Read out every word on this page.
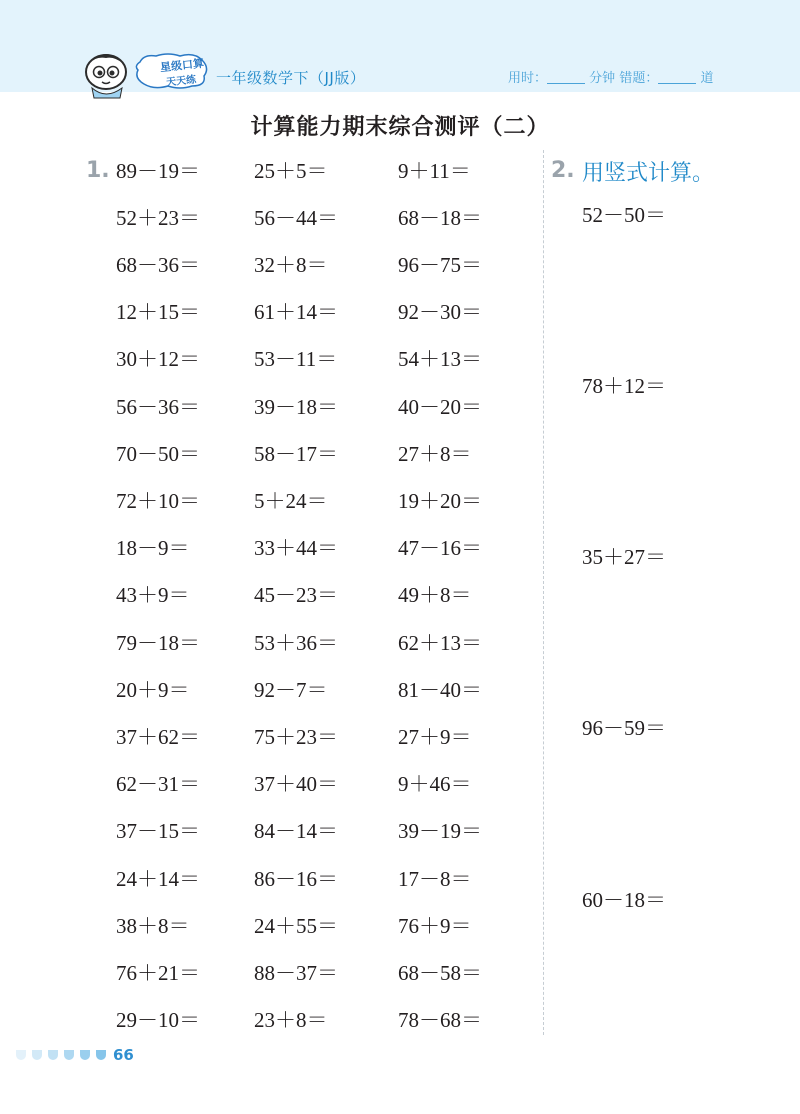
星级口算
天天练 一年级数学下（JJ版）	用时：	分钟 错题：	道
计算能力期末综合测评（二）
1. 89－19＝	25＋5＝	9＋11＝
52＋23＝	56－44＝	68－18＝
68－36＝	32＋8＝	96－75＝
12＋15＝	61＋14＝	92－30＝
30＋12＝	53－11＝	54＋13＝
56－36＝	39－18＝	40－20＝
70－50＝	58－17＝	27＋8＝
72＋10＝	5＋24＝	19＋20＝
18－9＝	33＋44＝	47－16＝
43＋9＝	45－23＝	49＋8＝
79－18＝	53＋36＝	62＋13＝
20＋9＝	92－7＝	81－40＝
37＋62＝	75＋23＝	27＋9＝
62－31＝	37＋40＝	9＋46＝
37－15＝	84－14＝	39－19＝
24＋14＝	86－16＝	17－8＝
38＋8＝	24＋55＝	76＋9＝
76＋21＝	88－37＝	68－58＝
29－10＝	23＋8＝	78－68＝
2. 用竖式计算。
52－50＝
78＋12＝
35＋27＝
96－59＝
60－18＝
66
